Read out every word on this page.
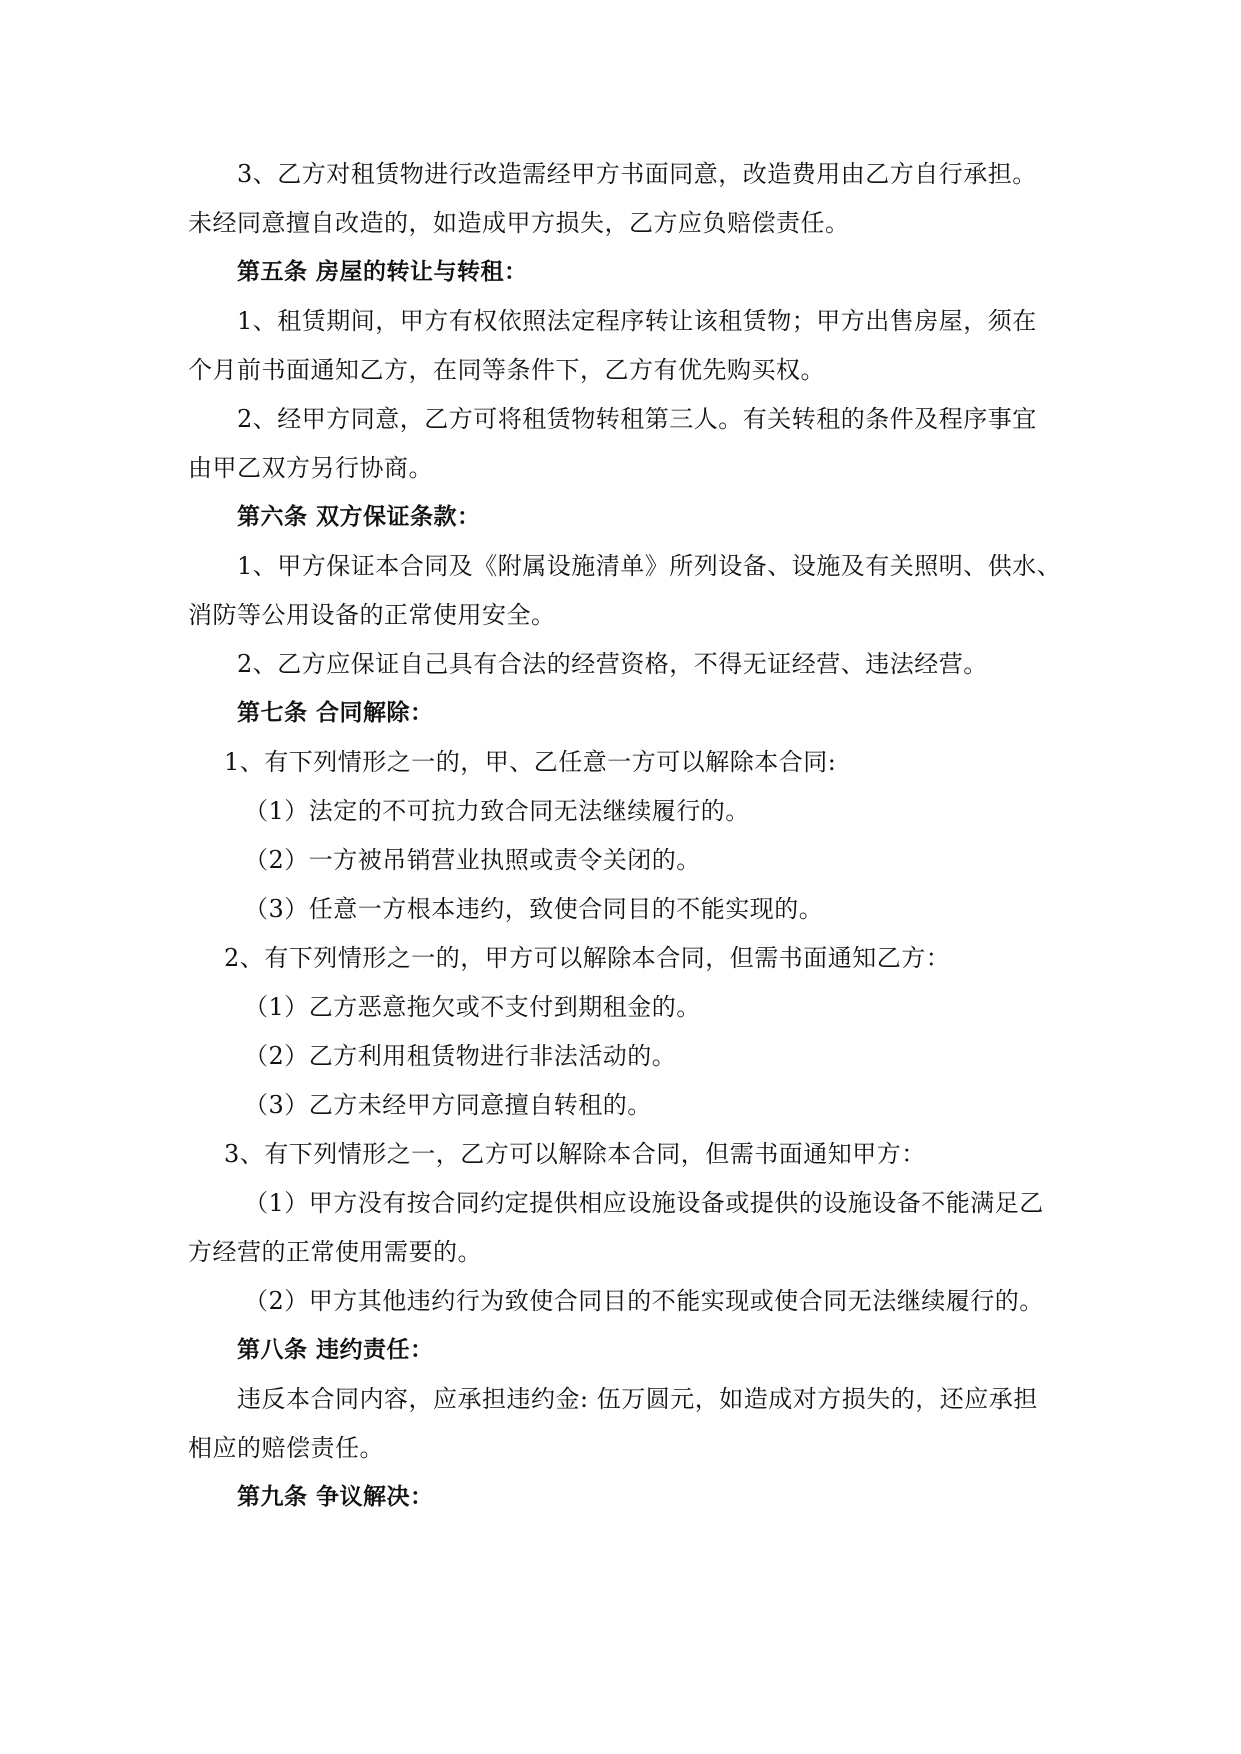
3、乙方对租赁物进行改造需经甲方书面同意，改造费用由乙方自行承担。
未经同意擅自改造的，如造成甲方损失，乙方应负赔偿责任。
第五条 房屋的转让与转租：
1、租赁期间，甲方有权依照法定程序转让该租赁物；甲方出售房屋，须在
个月前书面通知乙方，在同等条件下，乙方有优先购买权。
2、经甲方同意，乙方可将租赁物转租第三人。有关转租的条件及程序事宜
由甲乙双方另行协商。
第六条 双方保证条款：
1、甲方保证本合同及《附属设施清单》所列设备、设施及有关照明、供水、
消防等公用设备的正常使用安全。
2、乙方应保证自己具有合法的经营资格，不得无证经营、违法经营。
第七条 合同解除：
1、有下列情形之一的，甲、乙任意一方可以解除本合同:
（1）法定的不可抗力致合同无法继续履行的。
（2）一方被吊销营业执照或责令关闭的。
（3）任意一方根本违约，致使合同目的不能实现的。
2、有下列情形之一的，甲方可以解除本合同，但需书面通知乙方：
（1）乙方恶意拖欠或不支付到期租金的。
（2）乙方利用租赁物进行非法活动的。
（3）乙方未经甲方同意擅自转租的。
3、有下列情形之一，乙方可以解除本合同，但需书面通知甲方：
（1）甲方没有按合同约定提供相应设施设备或提供的设施设备不能满足乙
方经营的正常使用需要的。
（2）甲方其他违约行为致使合同目的不能实现或使合同无法继续履行的。
第八条 违约责任：
违反本合同内容，应承担违约金: 伍万圆元，如造成对方损失的，还应承担
相应的赔偿责任。
第九条 争议解决：
